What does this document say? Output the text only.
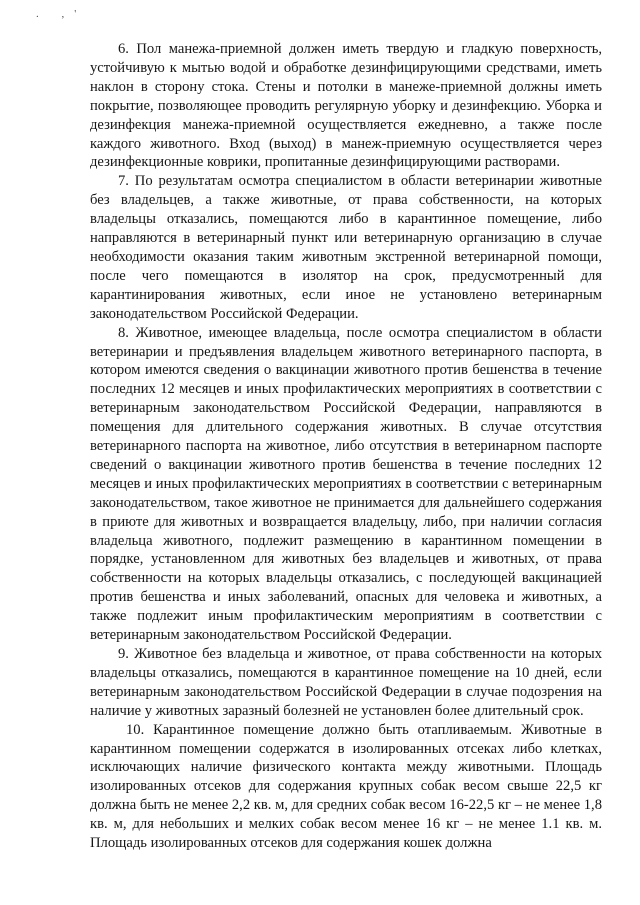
. ,'

6. Пол манежа-приемной должен иметь твердую и гладкую поверхность, устойчивую к мытью водой и обработке дезинфицирующими средствами, иметь наклон в сторону стока. Стены и потолки в манеже-приемной должны иметь покрытие, позволяющее проводить регулярную уборку и дезинфекцию. Уборка и дезинфекция манежа-приемной осуществляется ежедневно, а также после каждого животного. Вход (выход) в манеж-приемную осуществляется через дезинфекционные коврики, пропитанные дезинфицирующими растворами.

7. По результатам осмотра специалистом в области ветеринарии животные без владельцев, а также животные, от права собственности, на которых владельцы отказались, помещаются либо в карантинное помещение, либо направляются в ветеринарный пункт или ветеринарную организацию в случае необходимости оказания таким животным экстренной ветеринарной помощи, после чего помещаются в изолятор на срок, предусмотренный для карантинирования животных, если иное не установлено ветеринарным законодательством Российской Федерации.

8. Животное, имеющее владельца, после осмотра специалистом в области ветеринарии и предъявления владельцем животного ветеринарного паспорта, в котором имеются сведения о вакцинации животного против бешенства в течение последних 12 месяцев и иных профилактических мероприятиях в соответствии с ветеринарным законодательством Российской Федерации, направляются в помещения для длительного содержания животных. В случае отсутствия ветеринарного паспорта на животное, либо отсутствия в ветеринарном паспорте сведений о вакцинации животного против бешенства в течение последних 12 месяцев и иных профилактических мероприятиях в соответствии с ветеринарным законодательством, такое животное не принимается для дальнейшего содержания в приюте для животных и возвращается владельцу, либо, при наличии согласия владельца животного, подлежит размещению в карантинном помещении в порядке, установленном для животных без владельцев и животных, от права собственности на которых владельцы отказались, с последующей вакцинацией против бешенства и иных заболеваний, опасных для человека и животных, а также подлежит иным профилактическим мероприятиям в соответствии с ветеринарным законодательством Российской Федерации.

9. Животное без владельца и животное, от права собственности на которых владельцы отказались, помещаются в карантинное помещение на 10 дней, если ветеринарным законодательством Российской Федерации в случае подозрения на наличие у животных заразный болезней не установлен более длительный срок.

10. Карантинное помещение должно быть отапливаемым. Животные в карантинном помещении содержатся в изолированных отсеках либо клетках, исключающих наличие физического контакта между животными. Площадь изолированных отсеков для содержания крупных собак весом свыше 22,5 кг должна быть не менее 2,2 кв. м, для средних собак весом 16-22,5 кг – не менее 1,8 кв. м, для небольших и мелких собак весом менее 16 кг – не менее 1.1 кв. м. Площадь изолированных отсеков для содержания кошек должна
